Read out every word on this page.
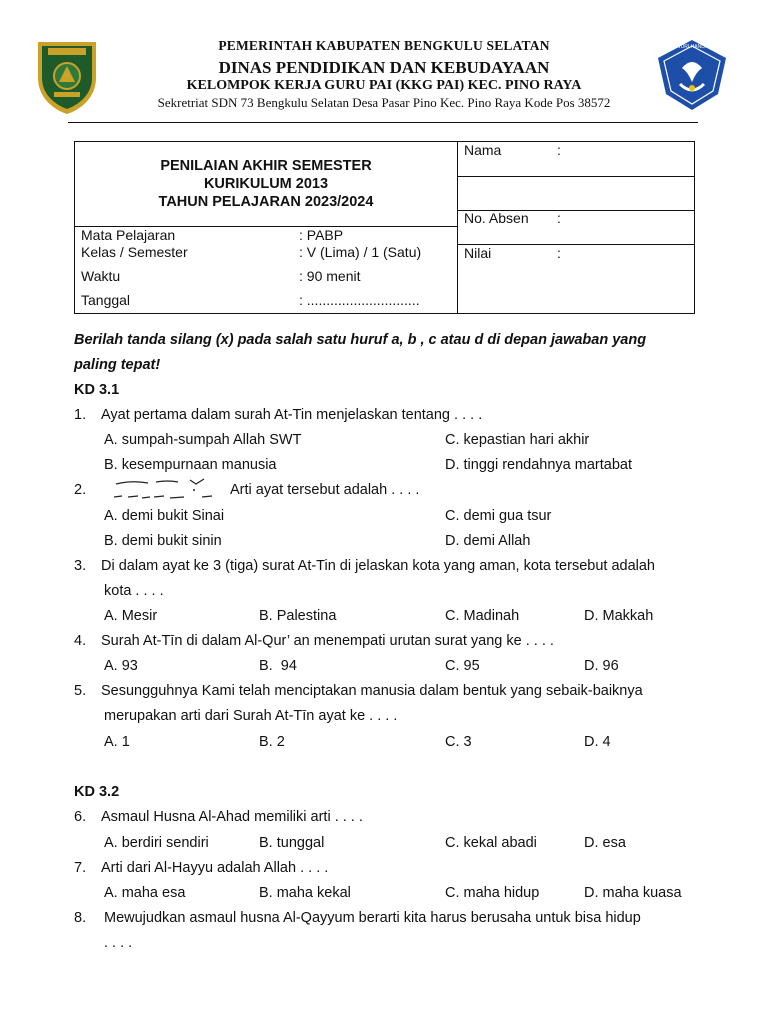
TUT WURI HANDAYANI
PEMERINTAH KABUPATEN BENGKULU SELATAN
DINAS PENDIDIKAN DAN KEBUDAYAAN
KELOMPOK KERJA GURU PAI (KKG PAI) KEC. PINO RAYA
Sekretriat SDN 73 Bengkulu Selatan Desa Pasar Pino Kec. Pino Raya Kode Pos 38572
PENILAIAN AKHIR SEMESTER
KURIKULUM 2013
TAHUN PELAJARAN 2023/2024
Mata Pelajaran	: PABP
Kelas / Semester	: V (Lima) / 1 (Satu)
Waktu	: 90 menit
Tanggal	: .............................
Nama	:
No. Absen :
Nilai	:
Berilah tanda silang (x) pada salah satu huruf a, b , c atau d di depan jawaban yang
paling tepat!
KD 3.1
1. Ayat pertama dalam surah At-Tin menjelaskan tentang . . . .
A. sumpah-sumpah Allah SWT	C. kepastian hari akhir
B. kesempurnaan manusia	D. tinggi rendahnya martabat
2.	Arti ayat tersebut adalah . . . .
A. demi bukit Sinai	C. demi gua tsur
B. demi bukit sinin	D. demi Allah
3. Di dalam ayat ke 3 (tiga) surat At-Tin di jelaskan kota yang aman, kota tersebut adalah
kota . . . .
A. Mesir	B. Palestina	C. Madinah	D. Makkah
4. Surah At-Tīn di dalam Al-Qur’ an menempati urutan surat yang ke . . . .
A. 93	B.  94	C. 95	D. 96
5. Sesungguhnya Kami telah menciptakan manusia dalam bentuk yang sebaik-baiknya
merupakan arti dari Surah At-Tīn ayat ke . . . .
A. 1	B. 2	C. 3	D. 4
KD 3.2
6. Asmaul Husna Al-Ahad memiliki arti . . . .
A. berdiri sendiri	B. tunggal	C. kekal abadi	D. esa
7. Arti dari Al-Hayyu adalah Allah . . . .
A. maha esa	B. maha kekal	C. maha hidup	D. maha kuasa
8. Mewujudkan asmaul husna Al-Qayyum berarti kita harus berusaha untuk bisa hidup
. . . .
